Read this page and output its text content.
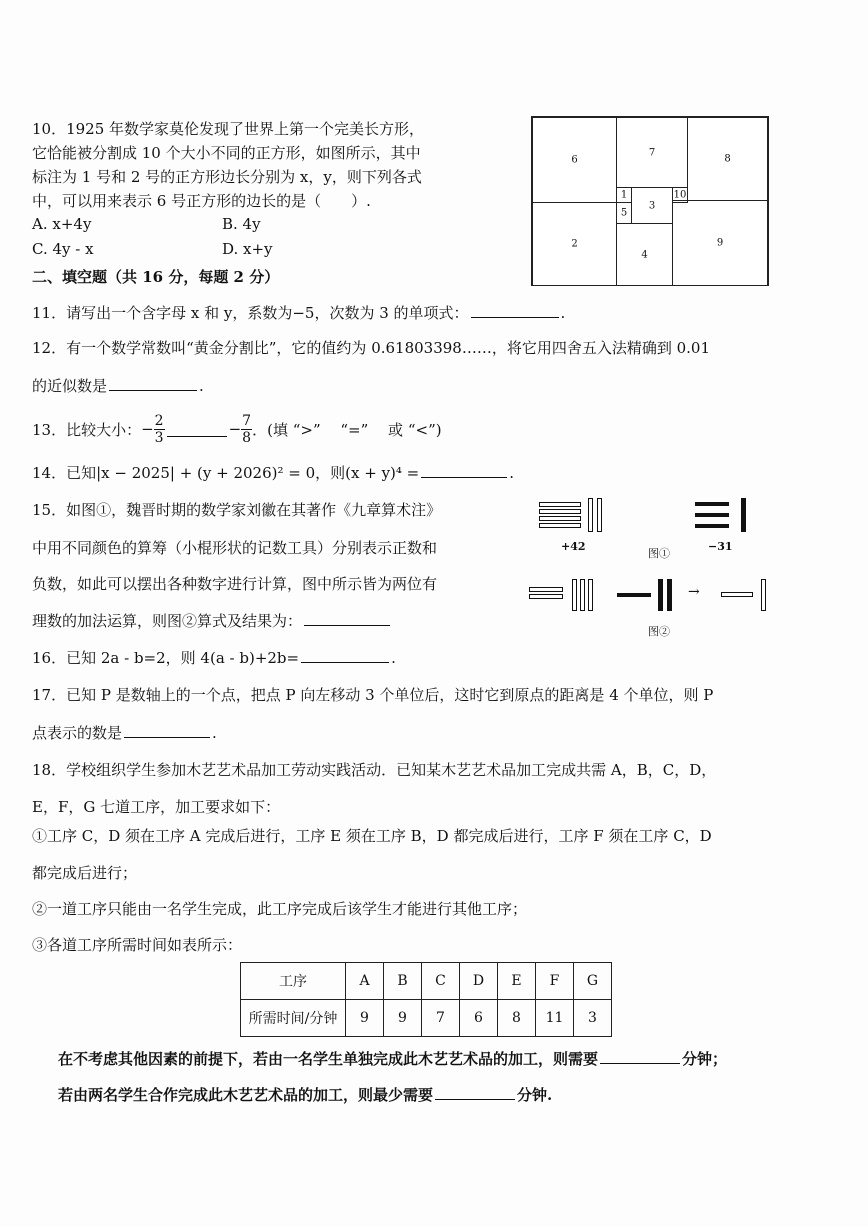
10．1925 年数学家莫伦发现了世界上第一个完美长方形，
它恰能被分割成 10 个大小不同的正方形，如图所示，其中
标注为 1 号和 2 号的正方形边长分别为 x，y，则下列各式
中，可以用来表示 6 号正方形的边长的是（　　）.
A. x+4y	B. 4y
C. 4y - x	D. x+y
6
7
8
1	10
3
2
5
4
9
二、填空题（共 16 分，每题 2 分）
11．请写出一个含字母 x 和 y，系数为−5，次数为 3 的单项式：	.
12．有一个数学常数叫“黄金分割比”，它的值约为 0.61803398……，将它用四舍五入法精确到 0.01
的近似数是	.
13．比较大小： − $\frac{2}{3}$	− $\frac{7}{8}$ ．(填 “>” 　“=” 　或 “<”)
14．已知|x − 2025| + (y + 2026)² = 0，则(x + y)⁴ =	.
15．如图①，魏晋时期的数学家刘徽在其著作《九章算术注》
中用不同颜色的算筹（小棍形状的记数工具）分别表示正数和
负数，如此可以摆出各种数字进行计算，图中所示皆为两位有
理数的加法运算，则图②算式及结果为：
+42	−31
图①
→
图②
16．已知 2a - b=2，则 4(a - b)+2b=	.
17．已知 P 是数轴上的一个点，把点 P 向左移动 3 个单位后，这时它到原点的距离是 4 个单位，则 P
点表示的数是	.
18．学校组织学生参加木艺艺术品加工劳动实践活动．已知某木艺艺术品加工完成共需 A，B，C，D，
E，F，G 七道工序，加工要求如下：
①工序 C，D 须在工序 A 完成后进行，工序 E 须在工序 B，D 都完成后进行，工序 F 须在工序 C，D
都完成后进行；
②一道工序只能由一名学生完成，此工序完成后该学生才能进行其他工序；
③各道工序所需时间如表所示：
工序	A	B	C	D	E	F	G
所需时间/分钟	9	9	7	6	8	11	3
在不考虑其他因素的前提下，若由一名学生单独完成此木艺艺术品的加工，则需要	分钟；
若由两名学生合作完成此木艺艺术品的加工，则最少需要	分钟.
